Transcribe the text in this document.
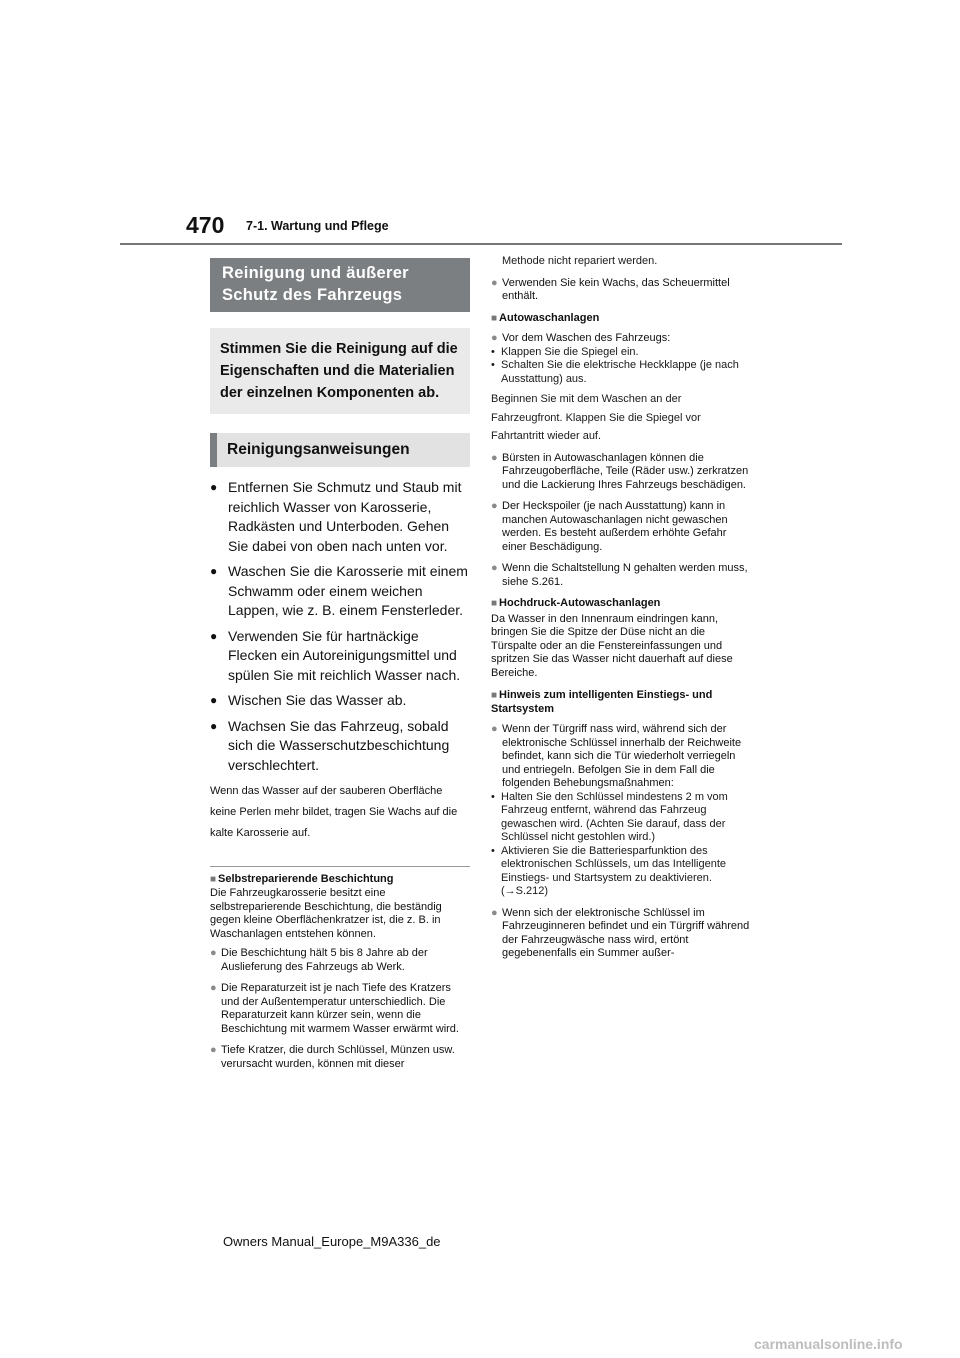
470 7-1. Wartung und Pflege
Reinigung und äußerer Schutz des Fahrzeugs
Stimmen Sie die Reinigung auf die Eigenschaften und die Materialien der einzelnen Komponenten ab.
Reinigungsanweisungen
● Entfernen Sie Schmutz und Staub mit reichlich Wasser von Karosserie, Radkästen und Unterboden. Gehen Sie dabei von oben nach unten vor.
● Waschen Sie die Karosserie mit einem Schwamm oder einem weichen Lappen, wie z. B. einem Fensterleder.
● Verwenden Sie für hartnäckige Flecken ein Autoreinigungsmittel und spülen Sie mit reichlich Wasser nach.
● Wischen Sie das Wasser ab.
● Wachsen Sie das Fahrzeug, sobald sich die Wasserschutzbeschichtung verschlechtert.

Wenn das Wasser auf der sauberen Oberfläche keine Perlen mehr bildet, tragen Sie Wachs auf die kalte Karosserie auf.

■ Selbstreparierende Beschichtung

Die Fahrzeugkarosserie besitzt eine selbstreparierende Beschichtung, die beständig gegen kleine Oberflächenkratzer ist, die z. B. in Waschanlagen entstehen können.

● Die Beschichtung hält 5 bis 8 Jahre ab der Auslieferung des Fahrzeugs ab Werk.
● Die Reparaturzeit ist je nach Tiefe des Kratzers und der Außentemperatur unterschiedlich. Die Reparaturzeit kann kürzer sein, wenn die Beschichtung mit warmem Wasser erwärmt wird.
● Tiefe Kratzer, die durch Schlüssel, Münzen usw. verursacht wurden, können mit dieser
Methode nicht repariert werden.
● Verwenden Sie kein Wachs, das Scheuermittel enthält.
■ Autowaschanlagen
● Vor dem Waschen des Fahrzeugs:
• Klappen Sie die Spiegel ein.
• Schalten Sie die elektrische Heckklappe (je nach Ausstattung) aus.

Beginnen Sie mit dem Waschen an der Fahrzeugfront. Klappen Sie die Spiegel vor Fahrtantritt wieder auf.

● Bürsten in Autowaschanlagen können die Fahrzeugoberfläche, Teile (Räder usw.) zerkratzen und die Lackierung Ihres Fahrzeugs beschädigen.
● Der Heckspoiler (je nach Ausstattung) kann in manchen Autowaschanlagen nicht gewaschen werden. Es besteht außerdem erhöhte Gefahr einer Beschädigung.
● Wenn die Schaltstellung N gehalten werden muss, siehe S.261.
■ Hochdruck-Autowaschanlagen

Da Wasser in den Innenraum eindringen kann, bringen Sie die Spitze der Düse nicht an die Türspalte oder an die Fenstereinfassungen und spritzen Sie das Wasser nicht dauerhaft auf diese Bereiche.

■ Hinweis zum intelligenten Einstiegs- und Startsystem
● Wenn der Türgriff nass wird, während sich der elektronische Schlüssel innerhalb der Reichweite befindet, kann sich die Tür wiederholt verriegeln und entriegeln. Befolgen Sie in dem Fall die folgenden Behebungsmaßnahmen:
• Halten Sie den Schlüssel mindestens 2 m vom Fahrzeug entfernt, während das Fahrzeug gewaschen wird. (Achten Sie darauf, dass der Schlüssel nicht gestohlen wird.)
• Aktivieren Sie die Batteriesparfunktion des elektronischen Schlüssels, um das Intelligente Einstiegs- und Startsystem zu deaktivieren. (→S.212)
● Wenn sich der elektronische Schlüssel im Fahrzeuginneren befindet und ein Türgriff während der Fahrzeugwäsche nass wird, ertönt gegebenenfalls ein Summer außer-
Owners Manual_Europe_M9A336_de
carmanualsonline.info
